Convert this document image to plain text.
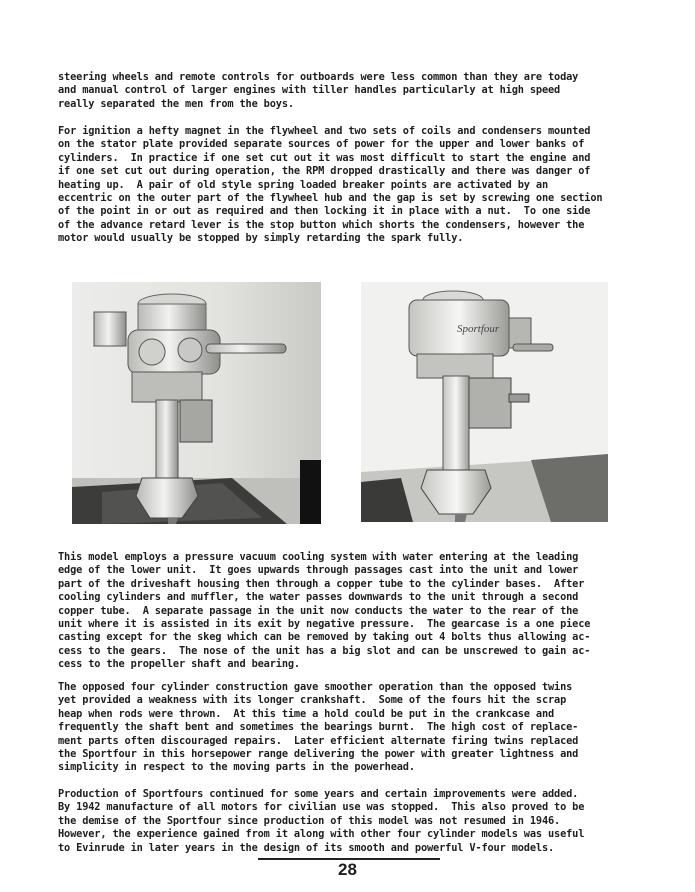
steering wheels and remote controls for outboards were less common than they are today
and manual control of larger engines with tiller handles particularly at high speed
really separated the men from the boys.

For ignition a hefty magnet in the flywheel and two sets of coils and condensers mounted
on the stator plate provided separate sources of power for the upper and lower banks of
cylinders.  In practice if one set cut out it was most difficult to start the engine and
if one set cut out during operation, the RPM dropped drastically and there was danger of
heating up.  A pair of old style spring loaded breaker points are activated by an
eccentric on the outer part of the flywheel hub and the gap is set by screwing one section
of the point in or out as required and then locking it in place with a nut.  To one side
of the advance retard lever is the stop button which shorts the condensers, however the
motor would usually be stopped by simply retarding the spark fully.

Sportfour

This model employs a pressure vacuum cooling system with water entering at the leading
edge of the lower unit.  It goes upwards through passages cast into the unit and lower
part of the driveshaft housing then through a copper tube to the cylinder bases.  After
cooling cylinders and muffler, the water passes downwards to the unit through a second
copper tube.  A separate passage in the unit now conducts the water to the rear of the
unit where it is assisted in its exit by negative pressure.  The gearcase is a one piece
casting except for the skeg which can be removed by taking out 4 bolts thus allowing ac-
cess to the gears.  The nose of the unit has a big slot and can be unscrewed to gain ac-
cess to the propeller shaft and bearing.

The opposed four cylinder construction gave smoother operation than the opposed twins
yet provided a weakness with its longer crankshaft.  Some of the fours hit the scrap
heap when rods were thrown.  At this time a hold could be put in the crankcase and
frequently the shaft bent and sometimes the bearings burnt.  The high cost of replace-
ment parts often discouraged repairs.  Later efficient alternate firing twins replaced
the Sportfour in this horsepower range delivering the power with greater lightness and
simplicity in respect to the moving parts in the powerhead.

Production of Sportfours continued for some years and certain improvements were added.
By 1942 manufacture of all motors for civilian use was stopped.  This also proved to be
the demise of the Sportfour since production of this model was not resumed in 1946.
However, the experience gained from it along with other four cylinder models was useful
to Evinrude in later years in the design of its smooth and powerful V-four models.

28
